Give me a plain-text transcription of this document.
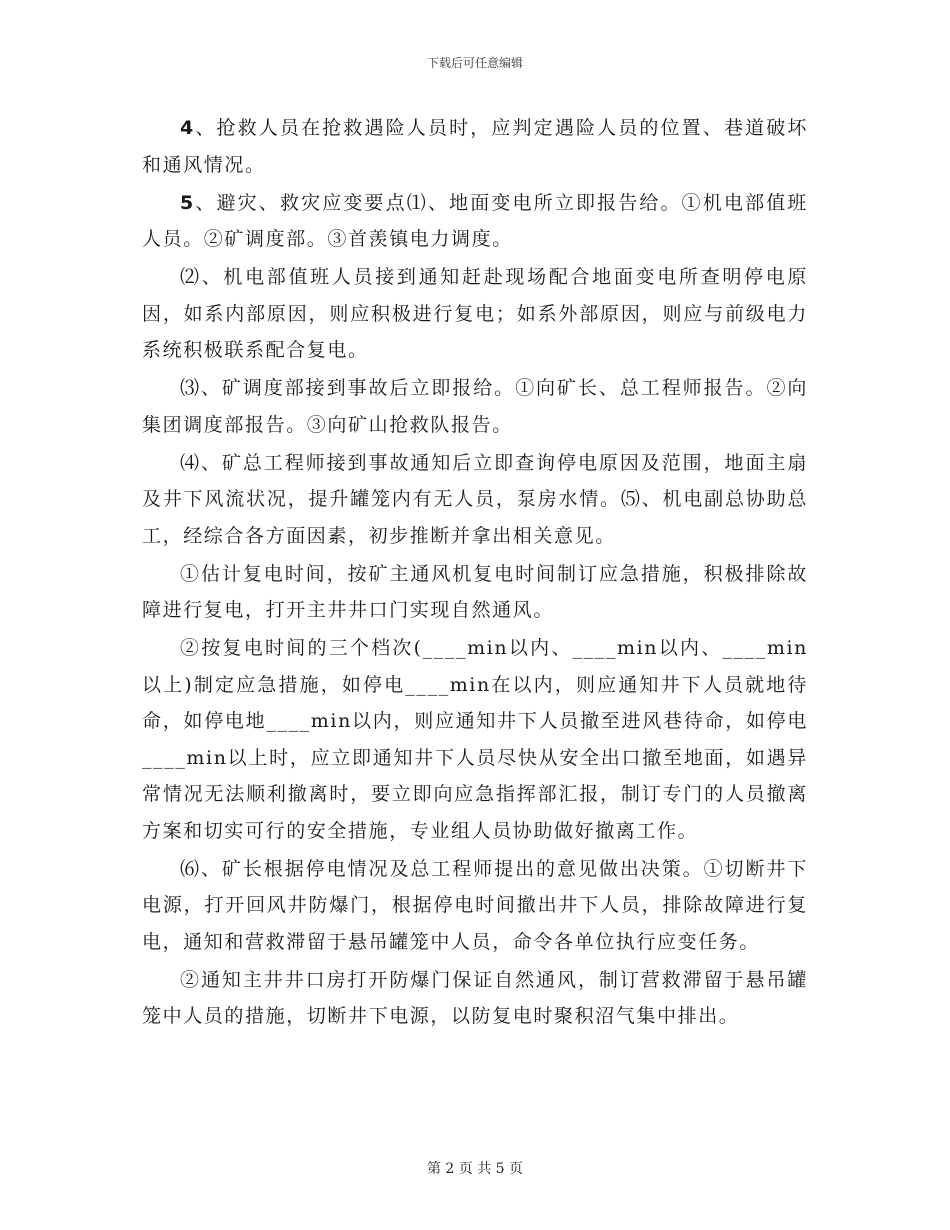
下载后可任意编辑

4、抢救人员在抢救遇险人员时，应判定遇险人员的位置、巷道破坏和通风情况。

5、避灾、救灾应变要点⑴、地面变电所立即报告给。①机电部值班人员。②矿调度部。③首羡镇电力调度。

⑵、机电部值班人员接到通知赶赴现场配合地面变电所查明停电原因，如系内部原因，则应积极进行复电；如系外部原因，则应与前级电力系统积极联系配合复电。

⑶、矿调度部接到事故后立即报给。①向矿长、总工程师报告。②向集团调度部报告。③向矿山抢救队报告。

⑷、矿总工程师接到事故通知后立即查询停电原因及范围，地面主扇及井下风流状况，提升罐笼内有无人员，泵房水情。⑸、机电副总协助总工，经综合各方面因素，初步推断并拿出相关意见。

①估计复电时间，按矿主通风机复电时间制订应急措施，积极排除故障进行复电，打开主井井口门实现自然通风。

②按复电时间的三个档次(____min以内、____min以内、____min以上)制定应急措施，如停电____min在以内，则应通知井下人员就地待命，如停电地____min以内，则应通知井下人员撤至进风巷待命，如停电____min以上时，应立即通知井下人员尽快从安全出口撤至地面，如遇异常情况无法顺利撤离时，要立即向应急指挥部汇报，制订专门的人员撤离方案和切实可行的安全措施，专业组人员协助做好撤离工作。

⑹、矿长根据停电情况及总工程师提出的意见做出决策。①切断井下电源，打开回风井防爆门，根据停电时间撤出井下人员，排除故障进行复电，通知和营救滞留于悬吊罐笼中人员，命令各单位执行应变任务。

②通知主井井口房打开防爆门保证自然通风，制订营救滞留于悬吊罐笼中人员的措施，切断井下电源，以防复电时聚积沼气集中排出。

第 2 页 共 5 页
